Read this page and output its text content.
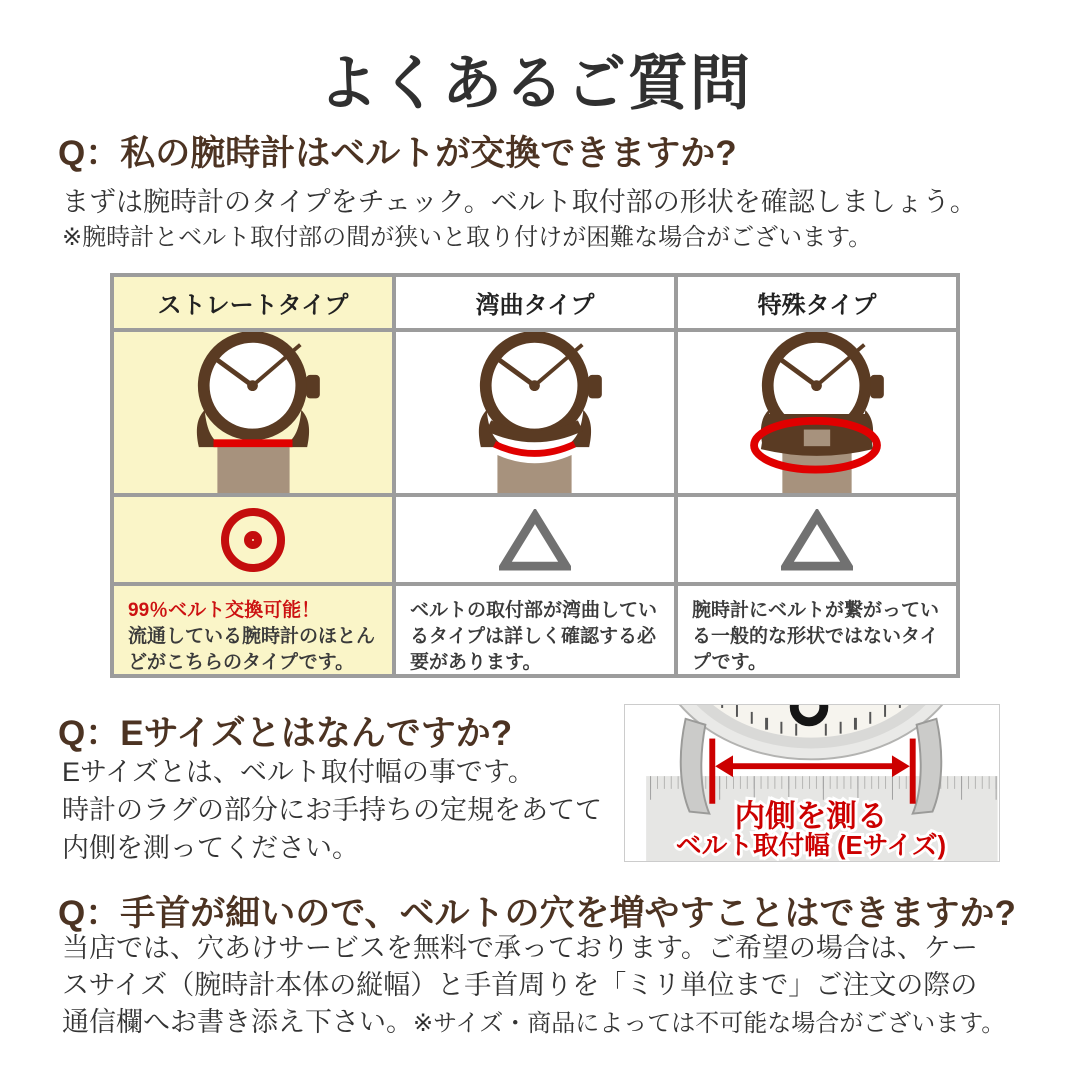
よくあるご質問
Q：私の腕時計はベルトが交換できますか?
まずは腕時計のタイプをチェック。ベルト取付部の形状を確認しましょう。
※腕時計とベルト取付部の間が狭いと取り付けが困難な場合がございます。
ストレートタイプ	湾曲タイプ	特殊タイプ
99％ベルト交換可能！
流通している腕時計のほとんどがこちらのタイプです。
ベルトの取付部が湾曲しているタイプは詳しく確認する必要があります。
腕時計にベルトが繋がっている一般的な形状ではないタイプです。
Q：Eサイズとはなんですか?
Eサイズとは、ベルト取付幅の事です。
時計のラグの部分にお手持ちの定規をあてて
内側を測ってください。
内側を測る
ベルト取付幅 (Eサイズ)
Q：手首が細いので、ベルトの穴を増やすことはできますか?
当店では、穴あけサービスを無料で承っております。ご希望の場合は、ケー
スサイズ（腕時計本体の縦幅）と手首周りを「ミリ単位まで」ご注文の際の
通信欄へお書き添え下さい。※サイズ・商品によっては不可能な場合がございます。
